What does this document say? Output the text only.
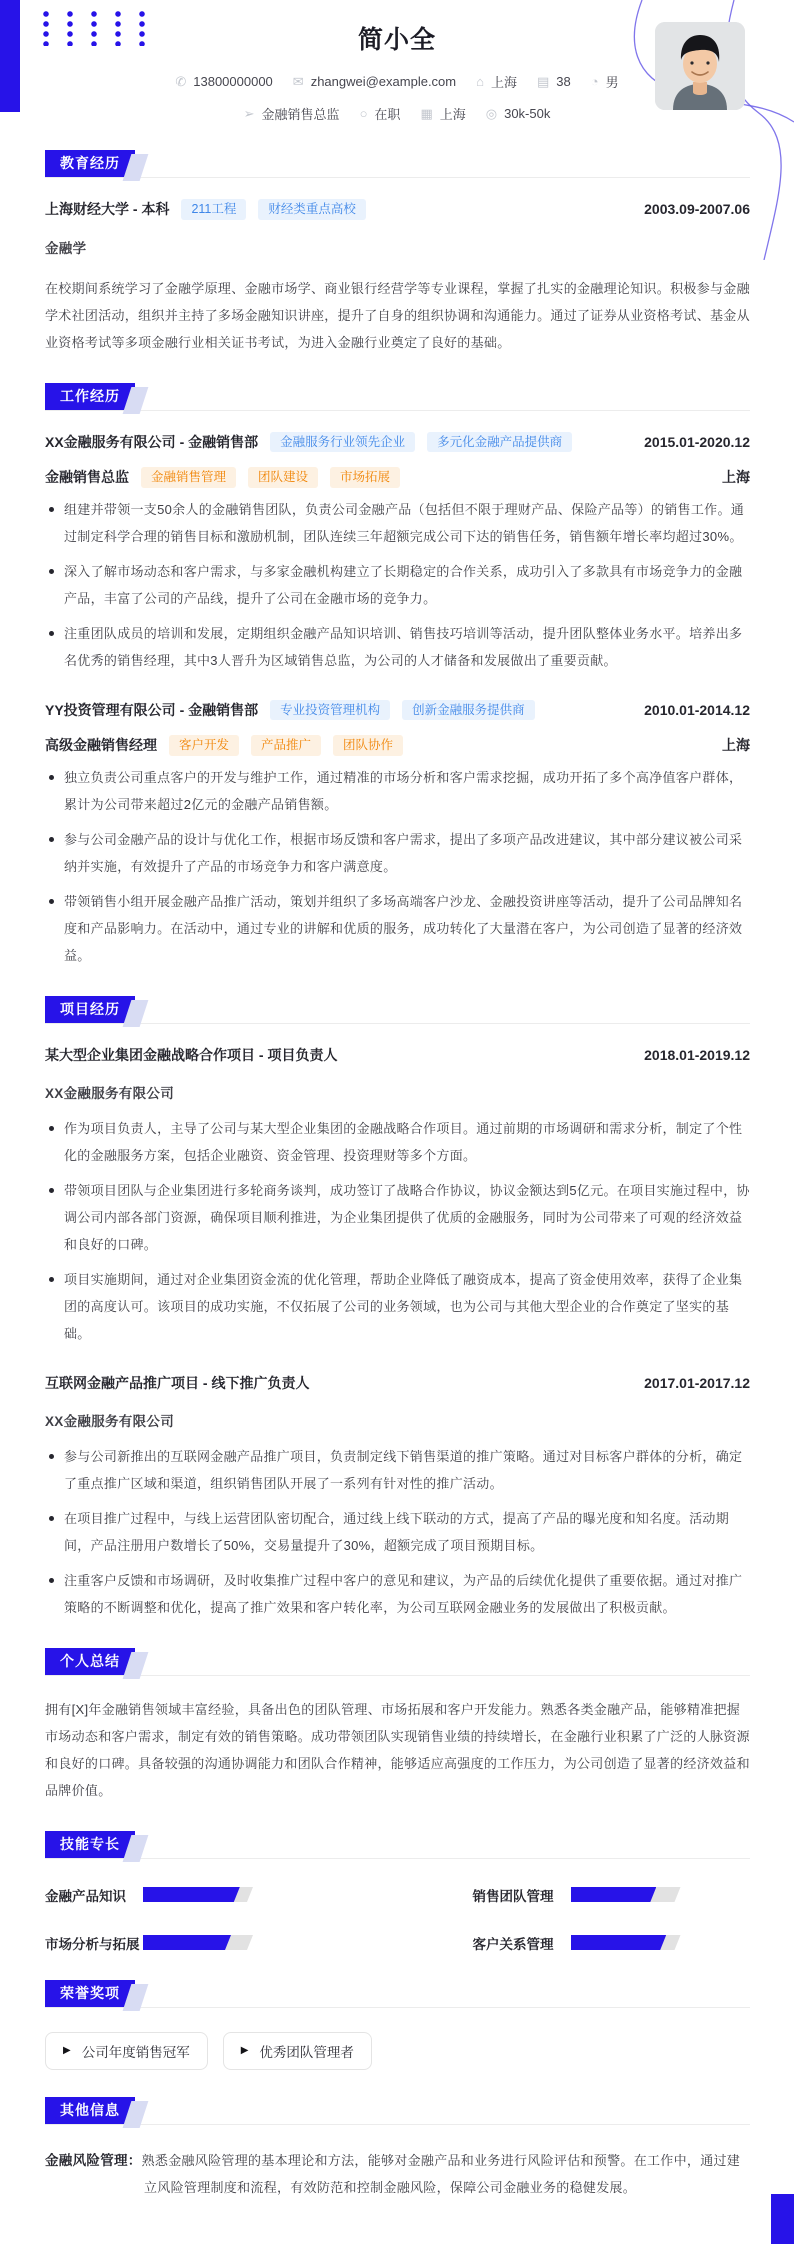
简小全
✆ 13800000000 ✉ zhangwei@example.com ⌂ 上海 ▤ 38 ◔ 男
➢ 金融销售总监 ○ 在职 ▦ 上海 ◎ 30k-50k
教育经历
上海财经大学 - 本科	211工程	财经类重点高校	2003.09-2007.06
金融学
在校期间系统学习了金融学原理、金融市场学、商业银行经营学等专业课程，掌握了扎实的金融理论知识。积极参与金融学术社团活动，组织并主持了多场金融知识讲座，提升了自身的组织协调和沟通能力。通过了证券从业资格考试、基金从业资格考试等多项金融行业相关证书考试，为进入金融行业奠定了良好的基础。
工作经历
XX金融服务有限公司 - 金融销售部	金融服务行业领先企业	多元化金融产品提供商	2015.01-2020.12
金融销售总监	金融销售管理	团队建设	市场拓展	上海
组建并带领一支50余人的金融销售团队，负责公司金融产品（包括但不限于理财产品、保险产品等）的销售工作。通过制定科学合理的销售目标和激励机制，团队连续三年超额完成公司下达的销售任务，销售额年增长率均超过30%。
深入了解市场动态和客户需求，与多家金融机构建立了长期稳定的合作关系，成功引入了多款具有市场竞争力的金融产品，丰富了公司的产品线，提升了公司在金融市场的竞争力。
注重团队成员的培训和发展，定期组织金融产品知识培训、销售技巧培训等活动，提升团队整体业务水平。培养出多名优秀的销售经理，其中3人晋升为区域销售总监，为公司的人才储备和发展做出了重要贡献。
YY投资管理有限公司 - 金融销售部	专业投资管理机构	创新金融服务提供商	2010.01-2014.12
高级金融销售经理	客户开发	产品推广	团队协作	上海
独立负责公司重点客户的开发与维护工作，通过精准的市场分析和客户需求挖掘，成功开拓了多个高净值客户群体，累计为公司带来超过2亿元的金融产品销售额。
参与公司金融产品的设计与优化工作，根据市场反馈和客户需求，提出了多项产品改进建议，其中部分建议被公司采纳并实施，有效提升了产品的市场竞争力和客户满意度。
带领销售小组开展金融产品推广活动，策划并组织了多场高端客户沙龙、金融投资讲座等活动，提升了公司品牌知名度和产品影响力。在活动中，通过专业的讲解和优质的服务，成功转化了大量潜在客户，为公司创造了显著的经济效益。
项目经历
某大型企业集团金融战略合作项目 - 项目负责人	2018.01-2019.12
XX金融服务有限公司
作为项目负责人，主导了公司与某大型企业集团的金融战略合作项目。通过前期的市场调研和需求分析，制定了个性化的金融服务方案，包括企业融资、资金管理、投资理财等多个方面。
带领项目团队与企业集团进行多轮商务谈判，成功签订了战略合作协议，协议金额达到5亿元。在项目实施过程中，协调公司内部各部门资源，确保项目顺利推进，为企业集团提供了优质的金融服务，同时为公司带来了可观的经济效益和良好的口碑。
项目实施期间，通过对企业集团资金流的优化管理，帮助企业降低了融资成本，提高了资金使用效率，获得了企业集团的高度认可。该项目的成功实施，不仅拓展了公司的业务领域，也为公司与其他大型企业的合作奠定了坚实的基础。
互联网金融产品推广项目 - 线下推广负责人	2017.01-2017.12
XX金融服务有限公司
参与公司新推出的互联网金融产品推广项目，负责制定线下销售渠道的推广策略。通过对目标客户群体的分析，确定了重点推广区域和渠道，组织销售团队开展了一系列有针对性的推广活动。
在项目推广过程中，与线上运营团队密切配合，通过线上线下联动的方式，提高了产品的曝光度和知名度。活动期间，产品注册用户数增长了50%，交易量提升了30%，超额完成了项目预期目标。
注重客户反馈和市场调研，及时收集推广过程中客户的意见和建议，为产品的后续优化提供了重要依据。通过对推广策略的不断调整和优化，提高了推广效果和客户转化率，为公司互联网金融业务的发展做出了积极贡献。
个人总结
拥有[X]年金融销售领域丰富经验，具备出色的团队管理、市场拓展和客户开发能力。熟悉各类金融产品，能够精准把握市场动态和客户需求，制定有效的销售策略。成功带领团队实现销售业绩的持续增长，在金融行业积累了广泛的人脉资源和良好的口碑。具备较强的沟通协调能力和团队合作精神，能够适应高强度的工作压力，为公司创造了显著的经济效益和品牌价值。
技能专长
金融产品知识	销售团队管理
市场分析与拓展	客户关系管理
荣誉奖项
▶ 公司年度销售冠军	▶ 优秀团队管理者
其他信息

金融风险管理：熟悉金融风险管理的基本理论和方法，能够对金融产品和业务进行风险评估和预警。在工作中，通过建立风险管理制度和流程，有效防范和控制金融风险，保障公司金融业务的稳健发展。
